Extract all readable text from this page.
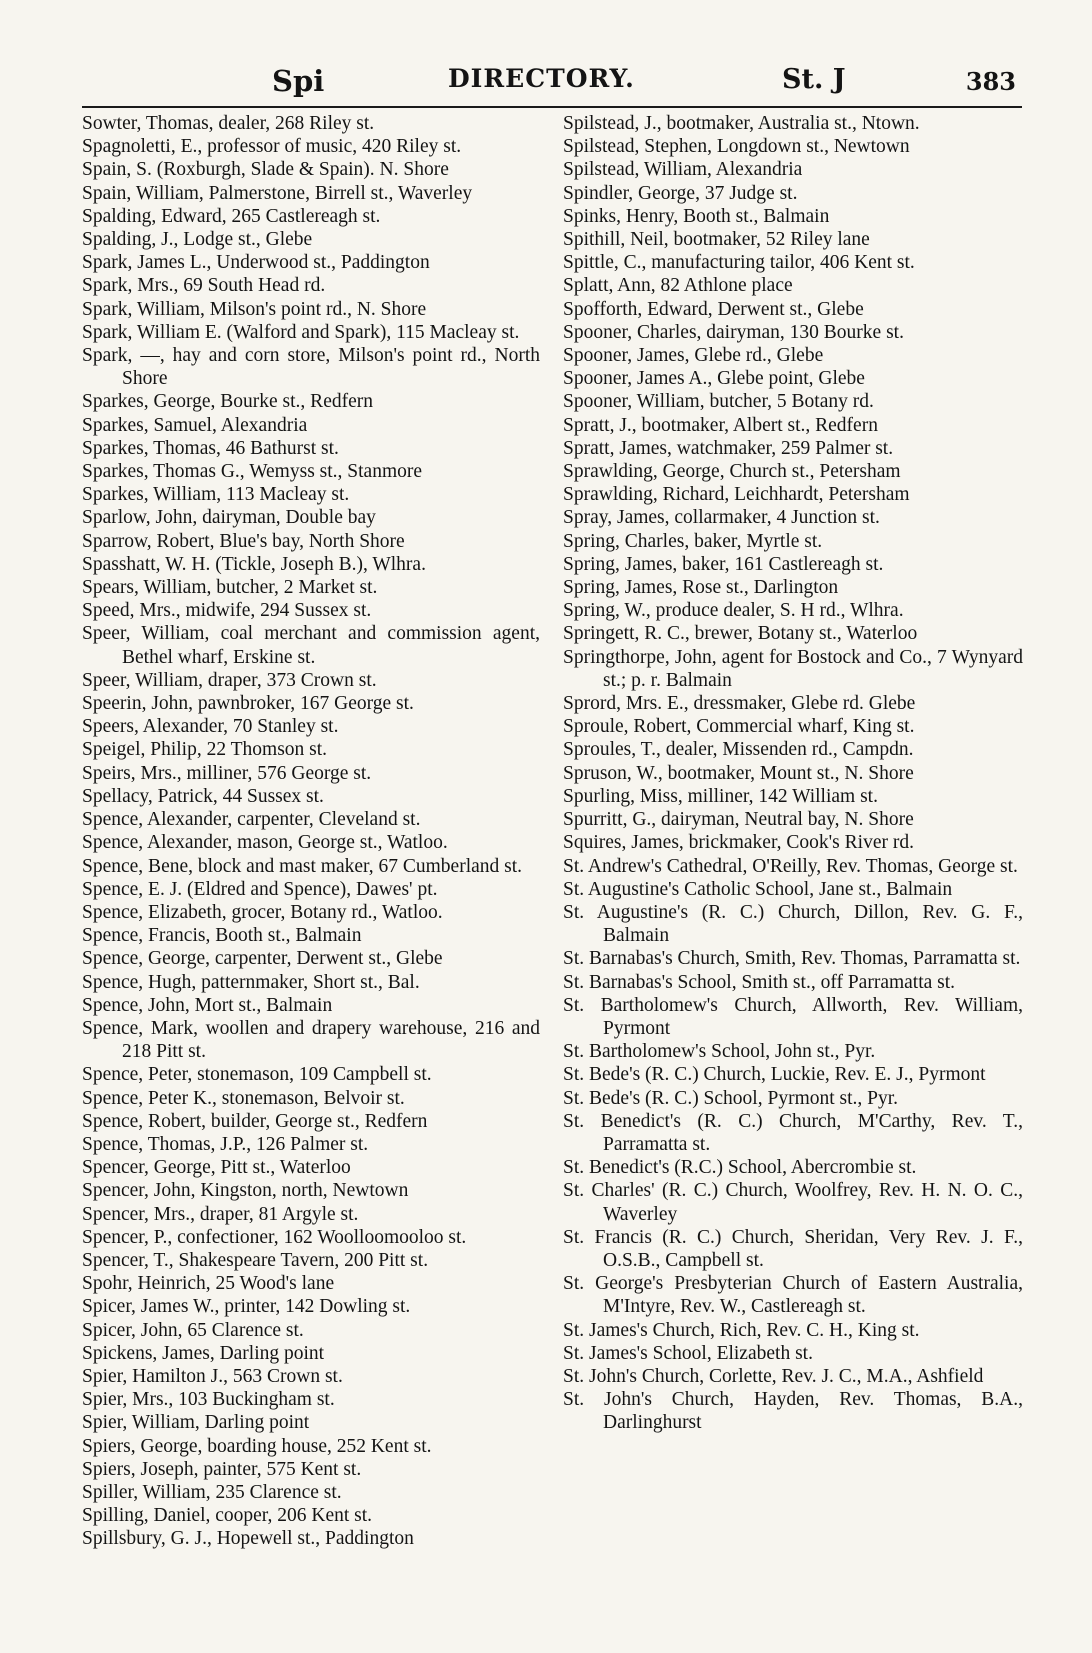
Spi	DIRECTORY.	St. J	383

Sowter, Thomas, dealer, 268 Riley st.

Spagnoletti, E., professor of music, 420 Riley st.

Spain, S. (Roxburgh, Slade & Spain). N. Shore

Spain, William, Palmerstone, Birrell st., Waverley

Spalding, Edward, 265 Castlereagh st.

Spalding, J., Lodge st., Glebe

Spark, James L., Underwood st., Paddington

Spark, Mrs., 69 South Head rd.

Spark, William, Milson's point rd., N. Shore

Spark, William E. (Walford and Spark), 115 Macleay st.

Spark, —, hay and corn store, Milson's point rd., North Shore

Sparkes, George, Bourke st., Redfern

Sparkes, Samuel, Alexandria

Sparkes, Thomas, 46 Bathurst st.

Sparkes, Thomas G., Wemyss st., Stanmore

Sparkes, William, 113 Macleay st.

Sparlow, John, dairyman, Double bay

Sparrow, Robert, Blue's bay, North Shore

Spasshatt, W. H. (Tickle, Joseph B.), Wlhra.

Spears, William, butcher, 2 Market st.

Speed, Mrs., midwife, 294 Sussex st.

Speer, William, coal merchant and commission agent, Bethel wharf, Erskine st.

Speer, William, draper, 373 Crown st.

Speerin, John, pawnbroker, 167 George st.

Speers, Alexander, 70 Stanley st.

Speigel, Philip, 22 Thomson st.

Speirs, Mrs., milliner, 576 George st.

Spellacy, Patrick, 44 Sussex st.

Spence, Alexander, carpenter, Cleveland st.

Spence, Alexander, mason, George st., Watloo.

Spence, Bene, block and mast maker, 67 Cumberland st.

Spence, E. J. (Eldred and Spence), Dawes' pt.

Spence, Elizabeth, grocer, Botany rd., Watloo.

Spence, Francis, Booth st., Balmain

Spence, George, carpenter, Derwent st., Glebe

Spence, Hugh, patternmaker, Short st., Bal.

Spence, John, Mort st., Balmain

Spence, Mark, woollen and drapery warehouse, 216 and 218 Pitt st.

Spence, Peter, stonemason, 109 Campbell st.

Spence, Peter K., stonemason, Belvoir st.

Spence, Robert, builder, George st., Redfern

Spence, Thomas, J.P., 126 Palmer st.

Spencer, George, Pitt st., Waterloo

Spencer, John, Kingston, north, Newtown

Spencer, Mrs., draper, 81 Argyle st.

Spencer, P., confectioner, 162 Woolloomooloo st.

Spencer, T., Shakespeare Tavern, 200 Pitt st.

Spohr, Heinrich, 25 Wood's lane

Spicer, James W., printer, 142 Dowling st.

Spicer, John, 65 Clarence st.

Spickens, James, Darling point

Spier, Hamilton J., 563 Crown st.

Spier, Mrs., 103 Buckingham st.

Spier, William, Darling point

Spiers, George, boarding house, 252 Kent st.

Spiers, Joseph, painter, 575 Kent st.

Spiller, William, 235 Clarence st.

Spilling, Daniel, cooper, 206 Kent st.

Spillsbury, G. J., Hopewell st., Paddington

Spilstead, J., bootmaker, Australia st., Ntown.

Spilstead, Stephen, Longdown st., Newtown

Spilstead, William, Alexandria

Spindler, George, 37 Judge st.

Spinks, Henry, Booth st., Balmain

Spithill, Neil, bootmaker, 52 Riley lane

Spittle, C., manufacturing tailor, 406 Kent st.

Splatt, Ann, 82 Athlone place

Spofforth, Edward, Derwent st., Glebe

Spooner, Charles, dairyman, 130 Bourke st.

Spooner, James, Glebe rd., Glebe

Spooner, James A., Glebe point, Glebe

Spooner, William, butcher, 5 Botany rd.

Spratt, J., bootmaker, Albert st., Redfern

Spratt, James, watchmaker, 259 Palmer st.

Sprawlding, George, Church st., Petersham

Sprawlding, Richard, Leichhardt, Petersham

Spray, James, collarmaker, 4 Junction st.

Spring, Charles, baker, Myrtle st.

Spring, James, baker, 161 Castlereagh st.

Spring, James, Rose st., Darlington

Spring, W., produce dealer, S. H rd., Wlhra.

Springett, R. C., brewer, Botany st., Waterloo

Springthorpe, John, agent for Bostock and Co., 7 Wynyard st.; p. r. Balmain

Sprord, Mrs. E., dressmaker, Glebe rd. Glebe

Sproule, Robert, Commercial wharf, King st.

Sproules, T., dealer, Missenden rd., Campdn.

Spruson, W., bootmaker, Mount st., N. Shore

Spurling, Miss, milliner, 142 William st.

Spurritt, G., dairyman, Neutral bay, N. Shore

Squires, James, brickmaker, Cook's River rd.

St. Andrew's Cathedral, O'Reilly, Rev. Thomas, George st.

St. Augustine's Catholic School, Jane st., Balmain

St. Augustine's (R. C.) Church, Dillon, Rev. G. F., Balmain

St. Barnabas's Church, Smith, Rev. Thomas, Parramatta st.

St. Barnabas's School, Smith st., off Parramatta st.

St. Bartholomew's Church, Allworth, Rev. William, Pyrmont

St. Bartholomew's School, John st., Pyr.

St. Bede's (R. C.) Church, Luckie, Rev. E. J., Pyrmont

St. Bede's (R. C.) School, Pyrmont st., Pyr.

St. Benedict's (R. C.) Church, M'Carthy, Rev. T., Parramatta st.

St. Benedict's (R.C.) School, Abercrombie st.

St. Charles' (R. C.) Church, Woolfrey, Rev. H. N. O. C., Waverley

St. Francis (R. C.) Church, Sheridan, Very Rev. J. F., O.S.B., Campbell st.

St. George's Presbyterian Church of Eastern Australia, M'Intyre, Rev. W., Castlereagh st.

St. James's Church, Rich, Rev. C. H., King st.

St. James's School, Elizabeth st.

St. John's Church, Corlette, Rev. J. C., M.A., Ashfield

St. John's Church, Hayden, Rev. Thomas, B.A., Darlinghurst
